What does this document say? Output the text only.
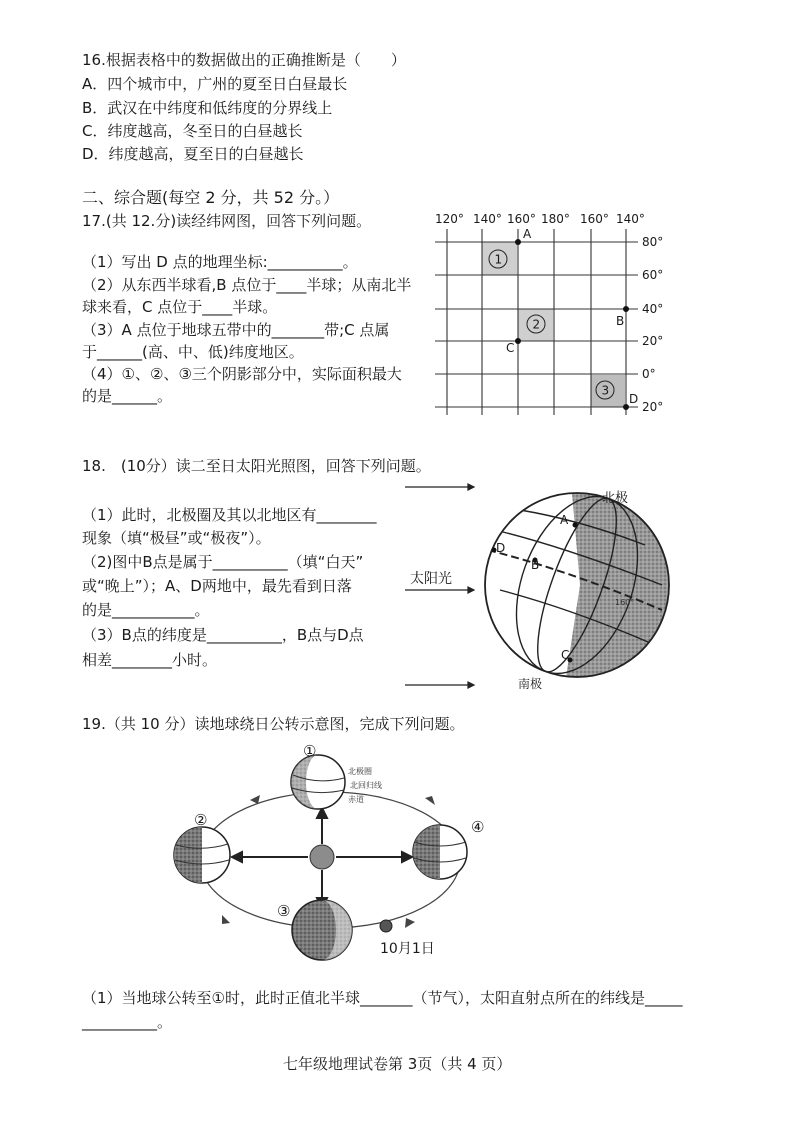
16.根据表格中的数据做出的正确推断是（　　）
A．四个城市中，广州的夏至日白昼最长
B．武汉在中纬度和低纬度的分界线上
C．纬度越高，冬至日的白昼越长
D．纬度越高，夏至日的白昼越长
二、综合题(每空 2 分，共 52 分。）
17.(共 12.分)读经纬网图，回答下列问题。
（1）写出 D 点的地理坐标:__________。
（2）从东西半球看,B 点位于____半球；从南北半
球来看，C 点位于____半球。
（3）A 点位于地球五带中的_______带;C 点属
于______(高、中、低)纬度地区。
（4）①、②、③三个阴影部分中，实际面积最大
的是______。
120° 140° 160° 180° 160° 140°
80°
60°
40°
20°
0°
20°
1
2
3
A
B
C
D
18.　(10分）读二至日太阳光照图，回答下列问题。
（1）此时，北极圈及其以北地区有________
现象（填“极昼”或“极夜”）。
（2)图中B点是属于__________（填“白天”
或“晚上”）；A、D两地中，最先看到日落
的是___________。
（3）B点的纬度是__________，B点与D点
相差________小时。
太阳光
A
B
C
D
北极
南极
160°
19.（共 10 分）读地球绕日公转示意图，完成下列问题。
北极圈
北回归线
赤道
①
②	④
③
10月1日
（1）当地球公转至①时，此时正值北半球_______（节气），太阳直射点所在的纬线是_____
__________。
七年级地理试卷第 3页（共 4 页）
